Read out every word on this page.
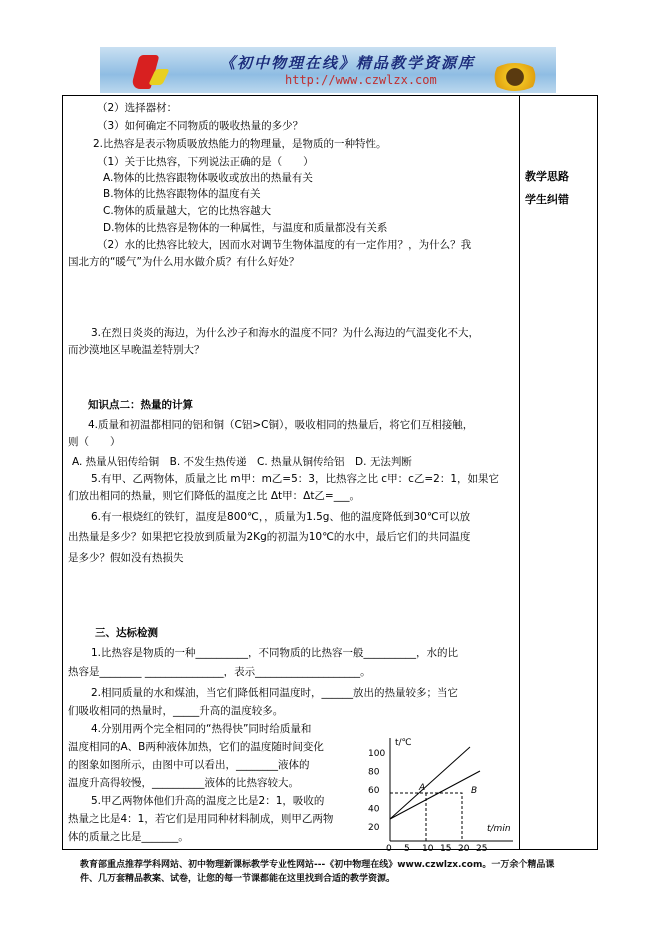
《初中物理在线》精品教学资源库
http://www.czwlzx.com
教学思路
学生纠错
（2）选择器材：
（3）如何确定不同物质的吸收热量的多少？
2.比热容是表示物质吸放热能力的物理量，是物质的一种特性。
（1）关于比热容，下列说法正确的是（　　）
A.物体的比热容跟物体吸收或放出的热量有关
B.物体的比热容跟物体的温度有关
C.物体的质量越大，它的比热容越大
D.物体的比热容是物体的一种属性，与温度和质量都没有关系
（2）水的比热容比较大，因而水对调节生物体温度的有一定作用？，为什么？我
国北方的“暖气”为什么用水做介质？有什么好处？
3.在烈日炎炎的海边，为什么沙子和海水的温度不同？为什么海边的气温变化不大，
而沙漠地区早晚温差特别大？
知识点二：热量的计算
4.质量和初温都相同的铝和铜（C铝>C铜），吸收相同的热量后，将它们互相接触，
则（　　）
A. 热量从铝传给铜　B. 不发生热传递　C. 热量从铜传给铝　D. 无法判断
5.有甲、乙两物体，质量之比 m甲：m乙=5：3，比热容之比 c甲：c乙=2：1，如果它
们放出相同的热量，则它们降低的温度之比 Δt甲：Δt乙=___。
6.有一根烧红的铁钉，温度是800℃，，质量为1.5g、他的温度降低到30℃可以放
出热量是多少？如果把它投放到质量为2Kg的初温为10℃的水中，最后它们的共同温度
是多少？假如没有热损失
三、达标检测
1.比热容是物质的一种__________，不同物质的比热容一般__________，水的比
热容是________ _______________，表示____________________。
2.相同质量的水和煤油，当它们降低相同温度时，______放出的热量较多；当它
们吸收相同的热量时，_____升高的温度较多。
4.分别用两个完全相同的“热得快”同时给质量和
温度相同的A、B两种液体加热，它们的温度随时间变化
的图象如图所示，由图中可以看出，________液体的
温度升高得较慢，__________液体的比热容较大。
5.甲乙两物体他们升高的温度之比是2：1，吸收的
热量之比是4：1，若它们是用同种材料制成，则甲乙两物
体的质量之比是_______。
t/℃
t/min
100
80
60
40
20
0 5 10 15 20 25
A	B
教育部重点推荐学科网站、初中物理新课标教学专业性网站---《初中物理在线》www.czwlzx.com。一万余个精品课
件、几万套精品教案、试卷，让您的每一节课都能在这里找到合适的教学资源。
